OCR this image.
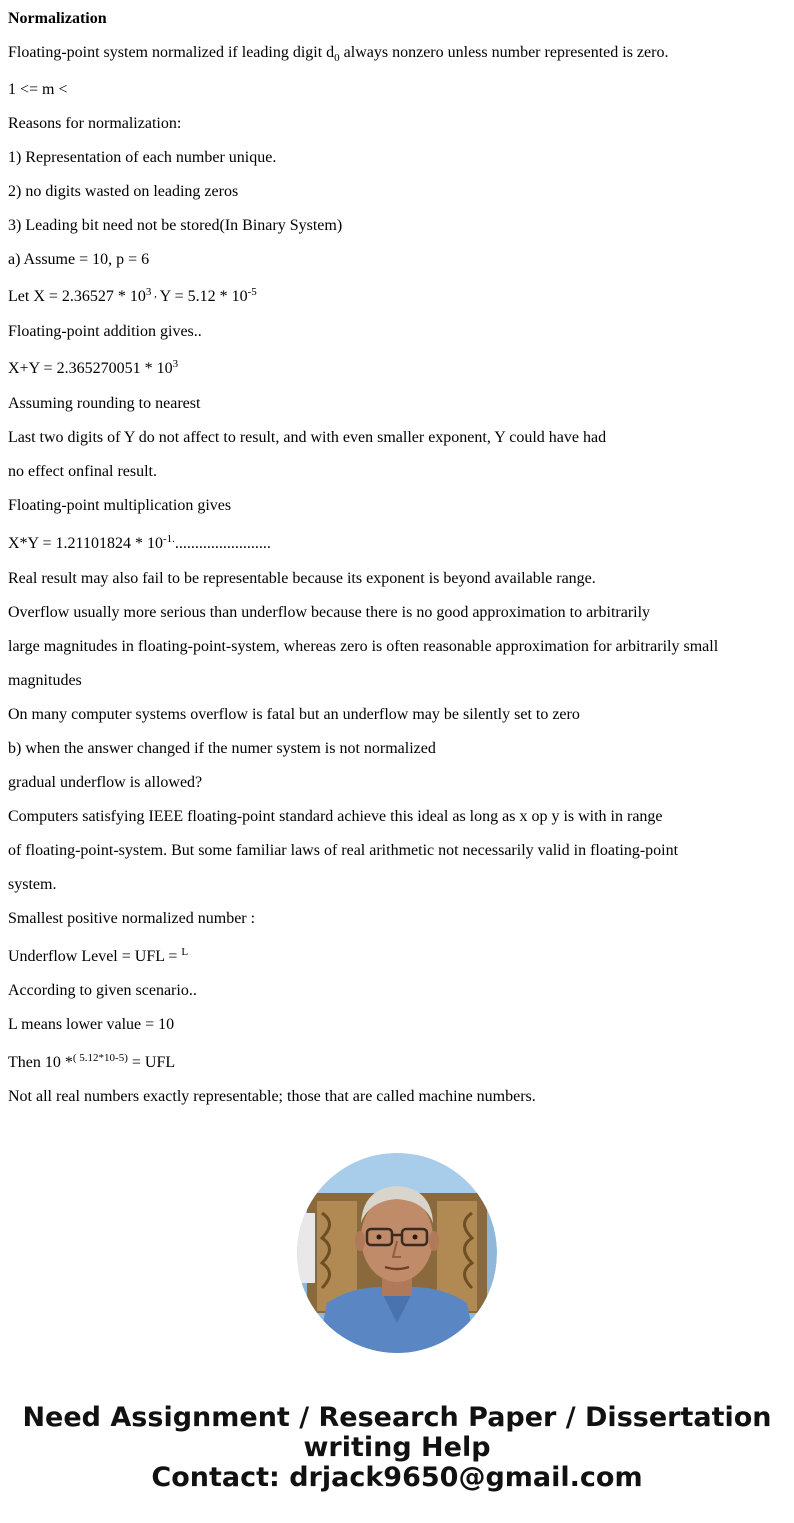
Normalization
Floating-point system normalized if leading digit $d_0$ always nonzero unless number represented is zero.
1 <= m <
Reasons for normalization:
1) Representation of each number unique.
2) no digits wasted on leading zeros
3) Leading bit need not be stored(In Binary System)
a) Assume = 10, p = 6
Let $X = 2.36527 * 10^3$ , $Y = 5.12 * 10^{-5}$
Floating-point addition gives..
$X+Y = 2.365270051 * 10^3$
Assuming rounding to nearest
Last two digits of Y do not affect to result, and with even smaller exponent, Y could have had
no effect onfinal result.
Floating-point multiplication gives
$X*Y = 1.21101824 * 10^{-1.}$........................
Real result may also fail to be representable because its exponent is beyond available range.
Overflow usually more serious than underflow because there is no good approximation to arbitrarily
large magnitudes in floating-point-system, whereas zero is often reasonable approximation for arbitrarily small
magnitudes
On many computer systems overflow is fatal but an underflow may be silently set to zero
b) when the answer changed if the numer system is not normalized
gradual underflow is allowed?
Computers satisfying IEEE floating-point standard achieve this ideal as long as x op y is with in range
of floating-point-system. But some familiar laws of real arithmetic not necessarily valid in floating-point
system.
Smallest positive normalized number :
Underflow Level = UFL = $^L$
According to given scenario..
L means lower value = 10
Then 10 *$^{( 5.12*10-5)}$ = UFL
Not all real numbers exactly representable; those that are called machine numbers.
Need Assignment / Research Paper / Dissertation
writing Help
Contact: drjack9650@gmail.com
